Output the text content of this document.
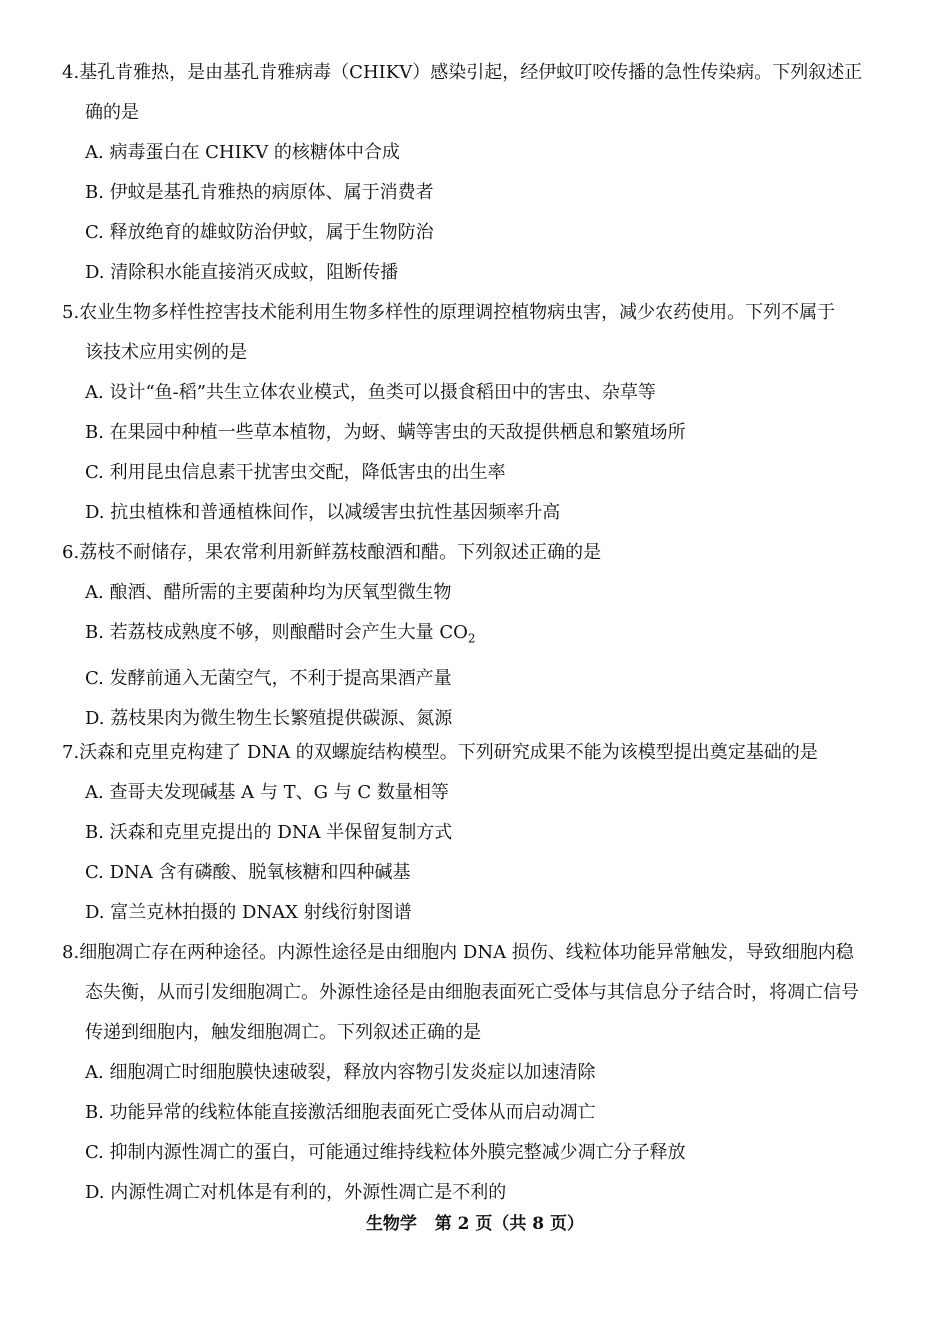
4.基孔肯雅热，是由基孔肯雅病毒（CHIKV）感染引起，经伊蚊叮咬传播的急性传染病。下列叙述正
确的是
A. 病毒蛋白在 CHIKV 的核糖体中合成
B. 伊蚊是基孔肯雅热的病原体、属于消费者
C. 释放绝育的雄蚊防治伊蚊，属于生物防治
D. 清除积水能直接消灭成蚊，阻断传播
5.农业生物多样性控害技术能利用生物多样性的原理调控植物病虫害，减少农药使用。下列不属于
该技术应用实例的是
A. 设计“鱼-稻”共生立体农业模式，鱼类可以摄食稻田中的害虫、杂草等
B. 在果园中种植一些草本植物，为蚜、螨等害虫的天敌提供栖息和繁殖场所
C. 利用昆虫信息素干扰害虫交配，降低害虫的出生率
D. 抗虫植株和普通植株间作，以减缓害虫抗性基因频率升高
6.荔枝不耐储存，果农常利用新鲜荔枝酿酒和醋。下列叙述正确的是
A. 酿酒、醋所需的主要菌种均为厌氧型微生物
B. 若荔枝成熟度不够，则酿醋时会产生大量 $CO_2$
C. 发酵前通入无菌空气，不利于提高果酒产量
D. 荔枝果肉为微生物生长繁殖提供碳源、氮源
7.沃森和克里克构建了 DNA 的双螺旋结构模型。下列研究成果不能为该模型提出奠定基础的是
A. 查哥夫发现碱基 A 与 T、G 与 C 数量相等
B. 沃森和克里克提出的 DNA 半保留复制方式
C. DNA 含有磷酸、脱氧核糖和四种碱基
D. 富兰克林拍摄的 DNAX 射线衍射图谱
8.细胞凋亡存在两种途径。内源性途径是由细胞内 DNA 损伤、线粒体功能异常触发，导致细胞内稳
态失衡，从而引发细胞凋亡。外源性途径是由细胞表面死亡受体与其信息分子结合时，将凋亡信号
传递到细胞内，触发细胞凋亡。下列叙述正确的是
A. 细胞凋亡时细胞膜快速破裂，释放内容物引发炎症以加速清除
B. 功能异常的线粒体能直接激活细胞表面死亡受体从而启动凋亡
C. 抑制内源性凋亡的蛋白，可能通过维持线粒体外膜完整减少凋亡分子释放
D. 内源性凋亡对机体是有利的，外源性凋亡是不利的
生物学 第 2 页（共 8 页）
